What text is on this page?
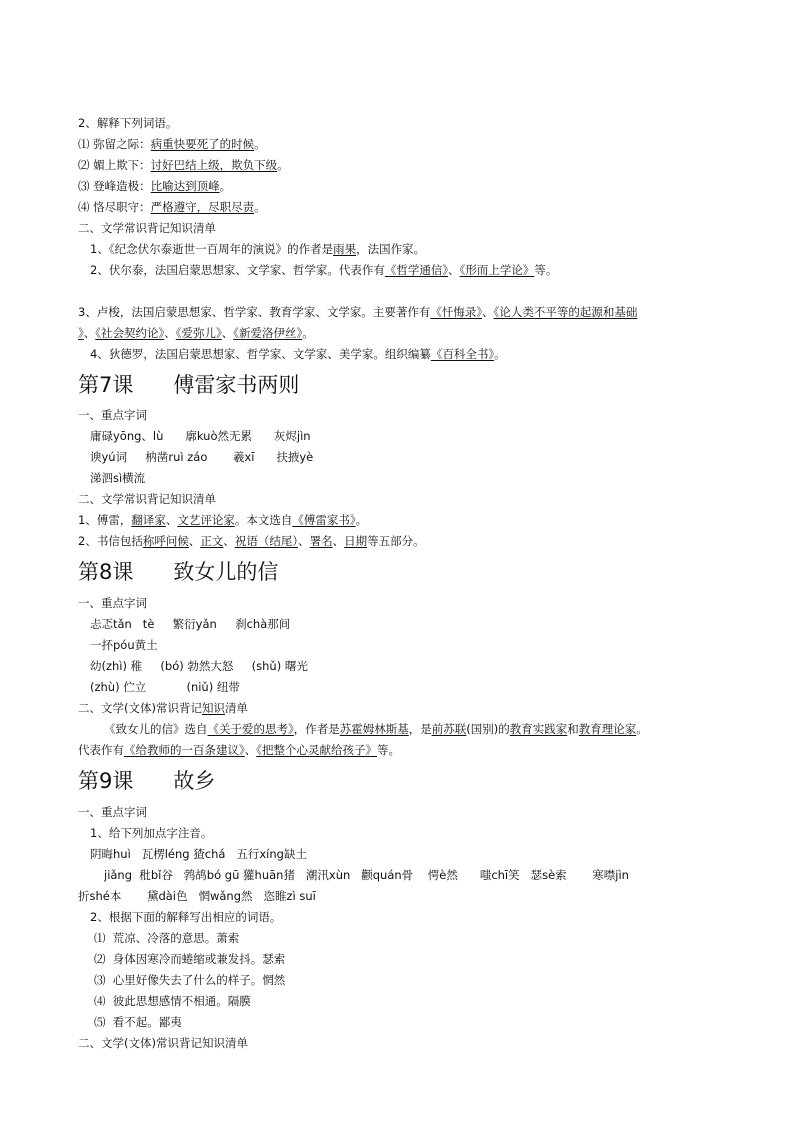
2、解释下列词语。
⑴ 弥留之际：病重快要死了的时候。
⑵ 媚上欺下：讨好巴结上级，欺负下级。
⑶ 登峰造极：比喻达到顶峰。
⑷ 恪尽职守：严格遵守，尽职尽责。
二、文学常识背记知识清单
1、《纪念伏尔泰逝世一百周年的演说》的作者是雨果，法国作家。
2、伏尔泰，法国启蒙思想家、文学家、哲学家。代表作有《哲学通信》、《形而上学论》等。
3、卢梭，法国启蒙思想家、哲学家、教育学家、文学家。主要著作有《忏悔录》、《论人类不平等的起源和基础
》、《社会契约论》、《爱弥儿》、《新爱洛伊丝》。
4、狄德罗，法国启蒙思想家、哲学家、文学家、美学家。组织编纂《百科全书》。
一、重点字词
庸碌yōng、lù      廓kuò然无累      灰烬jìn
谀yú词     枘凿ruì záo       羲xī      扶掖yè
涕泗sì横流
二、文学常识背记知识清单
1、傅雷，翻译家、文艺评论家。本文选自《傅雷家书》。
2、书信包括称呼问候、正文、祝语（结尾）、署名、日期等五部分。
一、重点字词
忐忑tǎn   tè     繁衍yǎn     刹chà那间
一抔póu黄土
幼(zhì) 稚     (bó) 勃然大怒     (shǔ) 曙光
(zhù) 伫立           (niǔ) 纽带
二、文学(文体)常识背记知识清单
《致女儿的信》选自《关于爱的思考》，作者是苏霍姆林斯基，是前苏联(国别)的教育实践家和教育理论家。
代表作有《给教师的一百条建议》、《把整个心灵献给孩子》等。
一、重点字词
1、给下列加点字注音。
阴晦huì   瓦楞léng 猹chá   五行xíng缺土
jiǎng  秕bǐ谷   鹁鸪bó gū 獾huān猪   潮汛xùn   颧quán骨    愕è然      嗤chī笑   瑟sè索       寒噤jìn
折shé本       黛dài色   惘wǎng然   恣睢zì suī
2、根据下面的解释写出相应的词语。
⑴  荒凉、冷落的意思。萧索
⑵  身体因寒冷而蜷缩或兼发抖。瑟索
⑶  心里好像失去了什么的样子。惘然
⑷  彼此思想感情不相通。隔膜
⑸  看不起。鄙夷
二、文学(文体)常识背记知识清单
第7课      傅雷家书两则
第8课      致女儿的信
第9课      故乡
